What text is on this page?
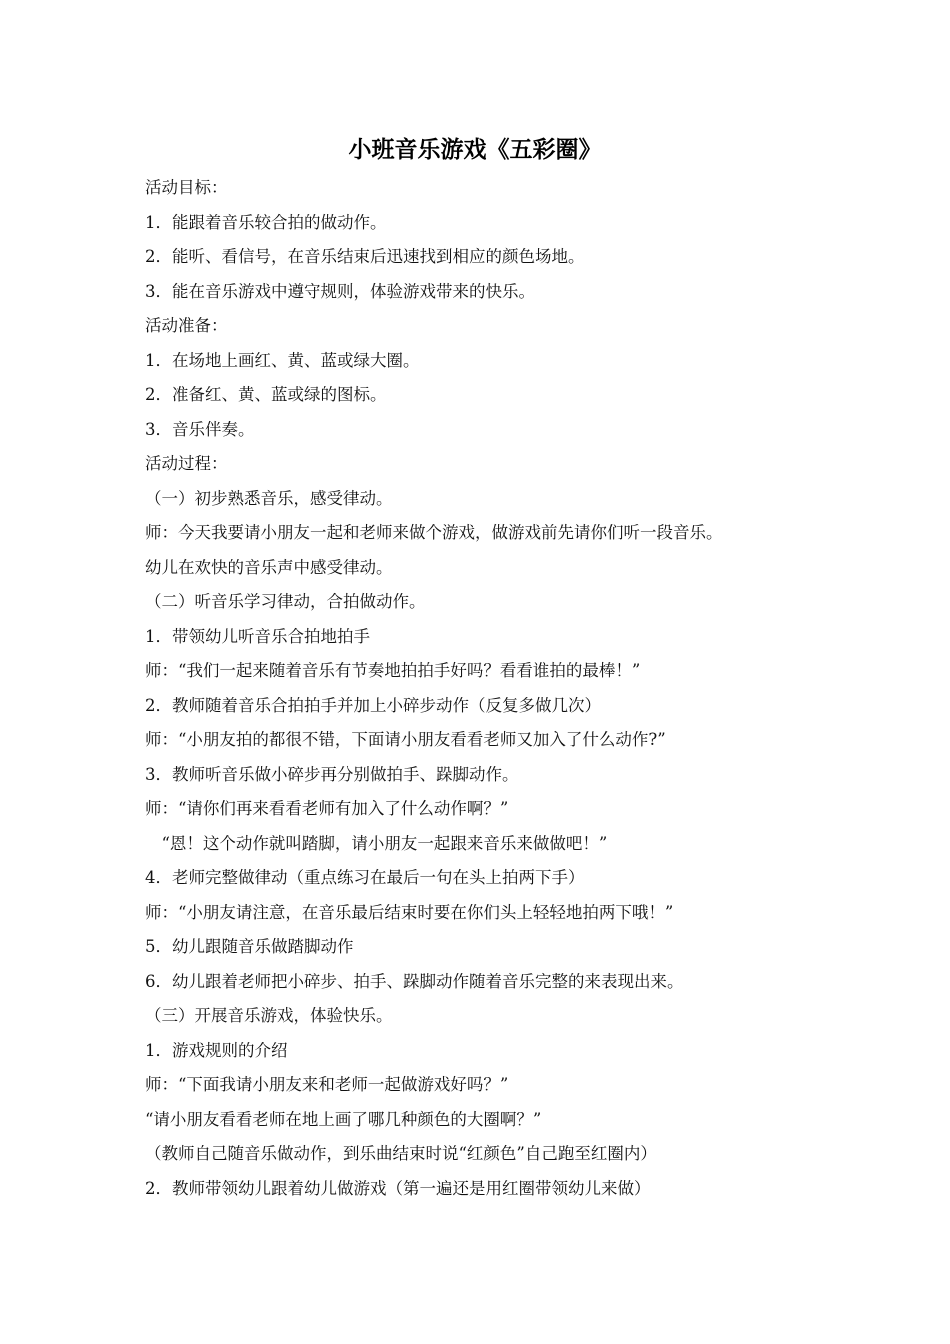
小班音乐游戏《五彩圈》

活动目标：

1．能跟着音乐较合拍的做动作。

2．能听、看信号，在音乐结束后迅速找到相应的颜色场地。

3．能在音乐游戏中遵守规则，体验游戏带来的快乐。

活动准备：

1．在场地上画红、黄、蓝或绿大圈。

2．准备红、黄、蓝或绿的图标。

3．音乐伴奏。

活动过程：

（一）初步熟悉音乐，感受律动。

师：今天我要请小朋友一起和老师来做个游戏，做游戏前先请你们听一段音乐。

幼儿在欢快的音乐声中感受律动。

（二）听音乐学习律动，合拍做动作。

1．带领幼儿听音乐合拍地拍手

师：“我们一起来随着音乐有节奏地拍拍手好吗？看看谁拍的最棒！”

2．教师随着音乐合拍拍手并加上小碎步动作（反复多做几次）

师：“小朋友拍的都很不错，下面请小朋友看看老师又加入了什么动作?”

3．教师听音乐做小碎步再分别做拍手、跺脚动作。

师：“请你们再来看看老师有加入了什么动作啊？”

　“恩！这个动作就叫踏脚，请小朋友一起跟来音乐来做做吧！”

4．老师完整做律动（重点练习在最后一句在头上拍两下手）

师：“小朋友请注意，在音乐最后结束时要在你们头上轻轻地拍两下哦！”

5．幼儿跟随音乐做踏脚动作

6．幼儿跟着老师把小碎步、拍手、跺脚动作随着音乐完整的来表现出来。

（三）开展音乐游戏，体验快乐。

1．游戏规则的介绍

师：“下面我请小朋友来和老师一起做游戏好吗？”

“请小朋友看看老师在地上画了哪几种颜色的大圈啊？”

（教师自己随音乐做动作，到乐曲结束时说“红颜色”自己跑至红圈内）

2．教师带领幼儿跟着幼儿做游戏（第一遍还是用红圈带领幼儿来做）
